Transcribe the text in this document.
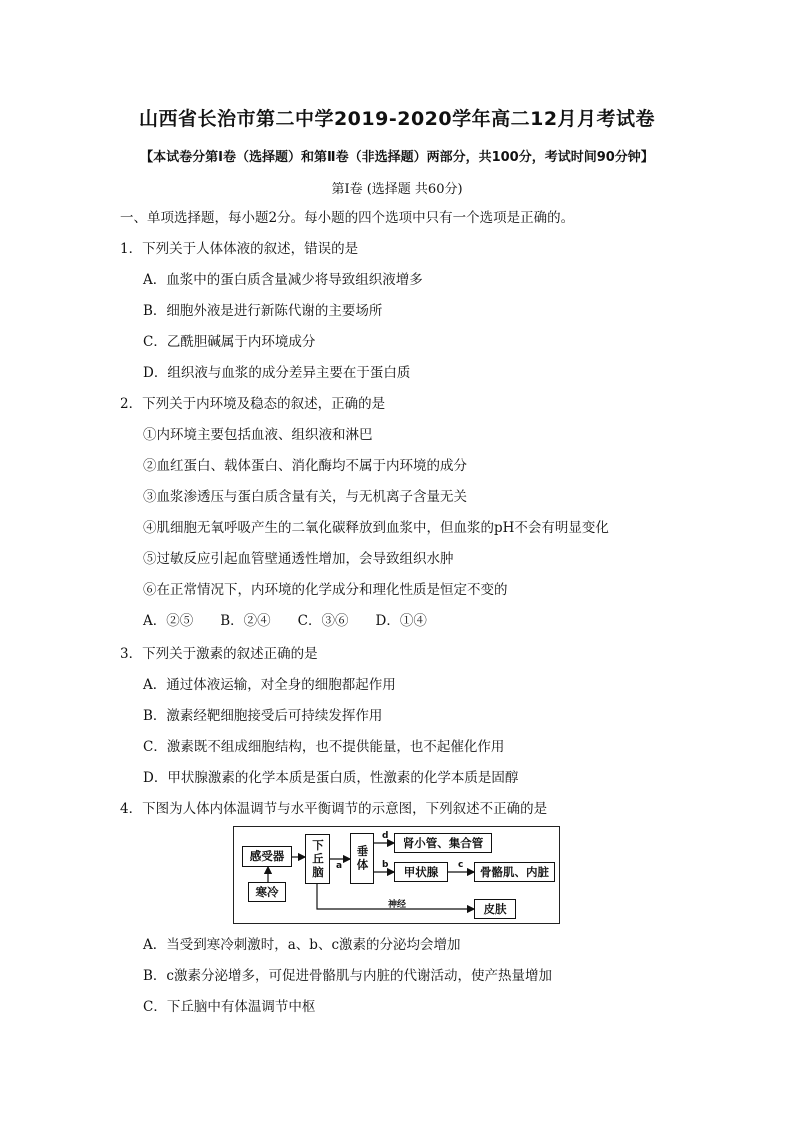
山西省长治市第二中学2019-2020学年高二12月月考试卷
【本试卷分第Ⅰ卷（选择题）和第Ⅱ卷（非选择题）两部分，共100分，考试时间90分钟】
第Ⅰ卷 (选择题 共60分)
一、单项选择题，每小题2分。每小题的四个选项中只有一个选项是正确的。
1．下列关于人体体液的叙述，错误的是
A．血浆中的蛋白质含量减少将导致组织液增多
B．细胞外液是进行新陈代谢的主要场所
C．乙酰胆碱属于内环境成分
D．组织液与血浆的成分差异主要在于蛋白质
2．下列关于内环境及稳态的叙述，正确的是
①内环境主要包括血液、组织液和淋巴
②血红蛋白、载体蛋白、消化酶均不属于内环境的成分
③血浆渗透压与蛋白质含量有关，与无机离子含量无关
④肌细胞无氧呼吸产生的二氧化碳释放到血浆中，但血浆的pH不会有明显变化
⑤过敏反应引起血管壁通透性增加，会导致组织水肿
⑥在正常情况下，内环境的化学成分和理化性质是恒定不变的
A．②⑤　　B．②④　　C．③⑥　　D．①④
3．下列关于激素的叙述正确的是
A．通过体液运输，对全身的细胞都起作用
B．激素经靶细胞接受后可持续发挥作用
C．激素既不组成细胞结构，也不提供能量，也不起催化作用
D．甲状腺激素的化学本质是蛋白质，性激素的化学本质是固醇
4．下图为人体内体温调节与水平衡调节的示意图，下列叙述不正确的是
感受器
寒冷
下丘脑	垂体
肾小管、集合管
甲状腺	骨骼肌、内脏
皮肤
a
d
b	c
神经
A．当受到寒冷刺激时，a、b、c激素的分泌均会增加
B．c激素分泌增多，可促进骨骼肌与内脏的代谢活动，使产热量增加
C．下丘脑中有体温调节中枢
